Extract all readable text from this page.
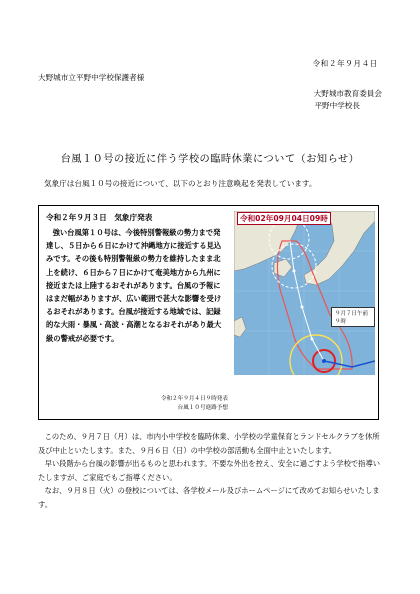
令和２年９月４日
大野城市立平野中学校保護者様
大野城市教育委員会
平野中学校長
台風１０号の接近に伴う学校の臨時休業について（お知らせ）
気象庁は台風１０号の接近について、以下のとおり注意喚起を発表しています。
令和２年９月３日　気象庁発表

強い台風第１０号は、今後特別警報級の勢力まで発達し、５日から６日にかけて沖縄地方に接近する見込みです。その後も特別警報級の勢力を維持したまま北上を続け、６日から７日にかけて奄美地方から九州に接近または上陸するおそれがあります。台風の予報にはまだ幅がありますが、広い範囲で甚大な影響を受けるおそれがあります。台風が接近する地域では、記録的な大雨・暴風・高波・高潮となるおそれがあり最大級の警戒が必要です。

令和02年09月04日09時
９月７日午前９時
令和２年９月４日９時発表
台風１０号進路予想

このため、９月７日（月）は、市内小中学校を臨時休業、小学校の学童保育とランドセルクラブを休所及び中止といたします。また、９月６日（日）の中学校の部活動も全面中止といたします。

早い段階から台風の影響が出るものと思われます。不要な外出を控え、安全に過ごすよう学校で指導いたしますが、ご家庭でもご指導ください。

なお、９月８日（火）の登校については、各学校メール及びホームページにて改めてお知らせいたします。
